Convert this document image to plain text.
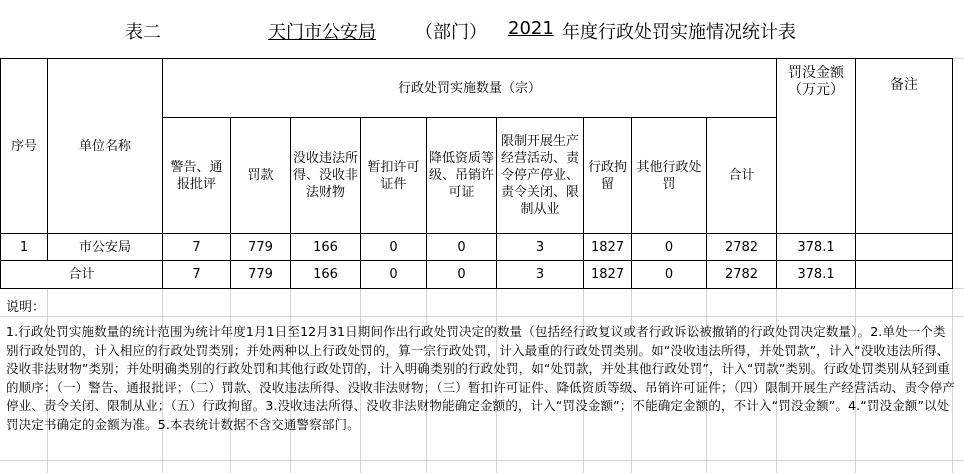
表二	天门市公安局 （部门） 2021 年度行政处罚实施情况统计表
序号	单位名称	行政处罚实施数量（宗）									罚没金额（万元）	备注
		警告、通报批评	罚款	没收违法所得、没收非法财物	暂扣许可证件	降低资质等级、吊销许可证	限制开展生产经营活动、责令停产停业、责令关闭、限制从业	行政拘留	其他行政处罚	合计		
1	市公安局	7	779	166	0	0	3	1827	0	2782	378.1	
合计		7	779	166	0	0	3	1827	0	2782	378.1	
说明：
1.行政处罚实施数量的统计范围为统计年度1月1日至12月31日期间作出行政处罚决定的数量（包括经行政复议或者行政诉讼被撤销的行政处罚决定数量）。2.单处一个类别行政处罚的，计入相应的行政处罚类别；并处两种以上行政处罚的，算一宗行政处罚，计入最重的行政处罚类别。如“没收违法所得，并处罚款”，计入“没收违法所得、没收非法财物”类别；并处明确类别的行政处罚和其他行政处罚的，计入明确类别的行政处罚，如“处罚款，并处其他行政处罚”，计入“罚款”类别。行政处罚类别从轻到重的顺序：（一）警告、通报批评；（二）罚款、没收违法所得、没收非法财物；（三）暂扣许可证件、降低资质等级、吊销许可证件；（四）限制开展生产经营活动、责令停产停业、责令关闭、限制从业；（五）行政拘留。3.没收违法所得、没收非法财物能确定金额的，计入“罚没金额”；不能确定金额的，不计入“罚没金额”。4.“罚没金额”以处罚决定书确定的金额为准。5.本表统计数据不含交通警察部门。
